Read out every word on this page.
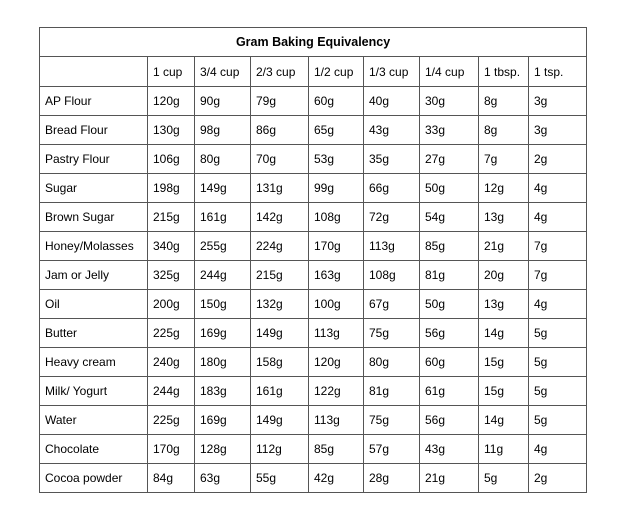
Gram Baking Equivalency								
	1 cup	3/4 cup	2/3 cup	1/2 cup	1/3 cup	1/4 cup	1 tbsp.	1 tsp.
AP Flour	120g	90g	79g	60g	40g	30g	8g	3g
Bread Flour	130g	98g	86g	65g	43g	33g	8g	3g
Pastry Flour	106g	80g	70g	53g	35g	27g	7g	2g
Sugar	198g	149g	131g	99g	66g	50g	12g	4g
Brown Sugar	215g	161g	142g	108g	72g	54g	13g	4g
Honey/Molasses	340g	255g	224g	170g	113g	85g	21g	7g
Jam or Jelly	325g	244g	215g	163g	108g	81g	20g	7g
Oil	200g	150g	132g	100g	67g	50g	13g	4g
Butter	225g	169g	149g	113g	75g	56g	14g	5g
Heavy cream	240g	180g	158g	120g	80g	60g	15g	5g
Milk/ Yogurt	244g	183g	161g	122g	81g	61g	15g	5g
Water	225g	169g	149g	113g	75g	56g	14g	5g
Chocolate	170g	128g	112g	85g	57g	43g	11g	4g
Cocoa powder	84g	63g	55g	42g	28g	21g	5g	2g
